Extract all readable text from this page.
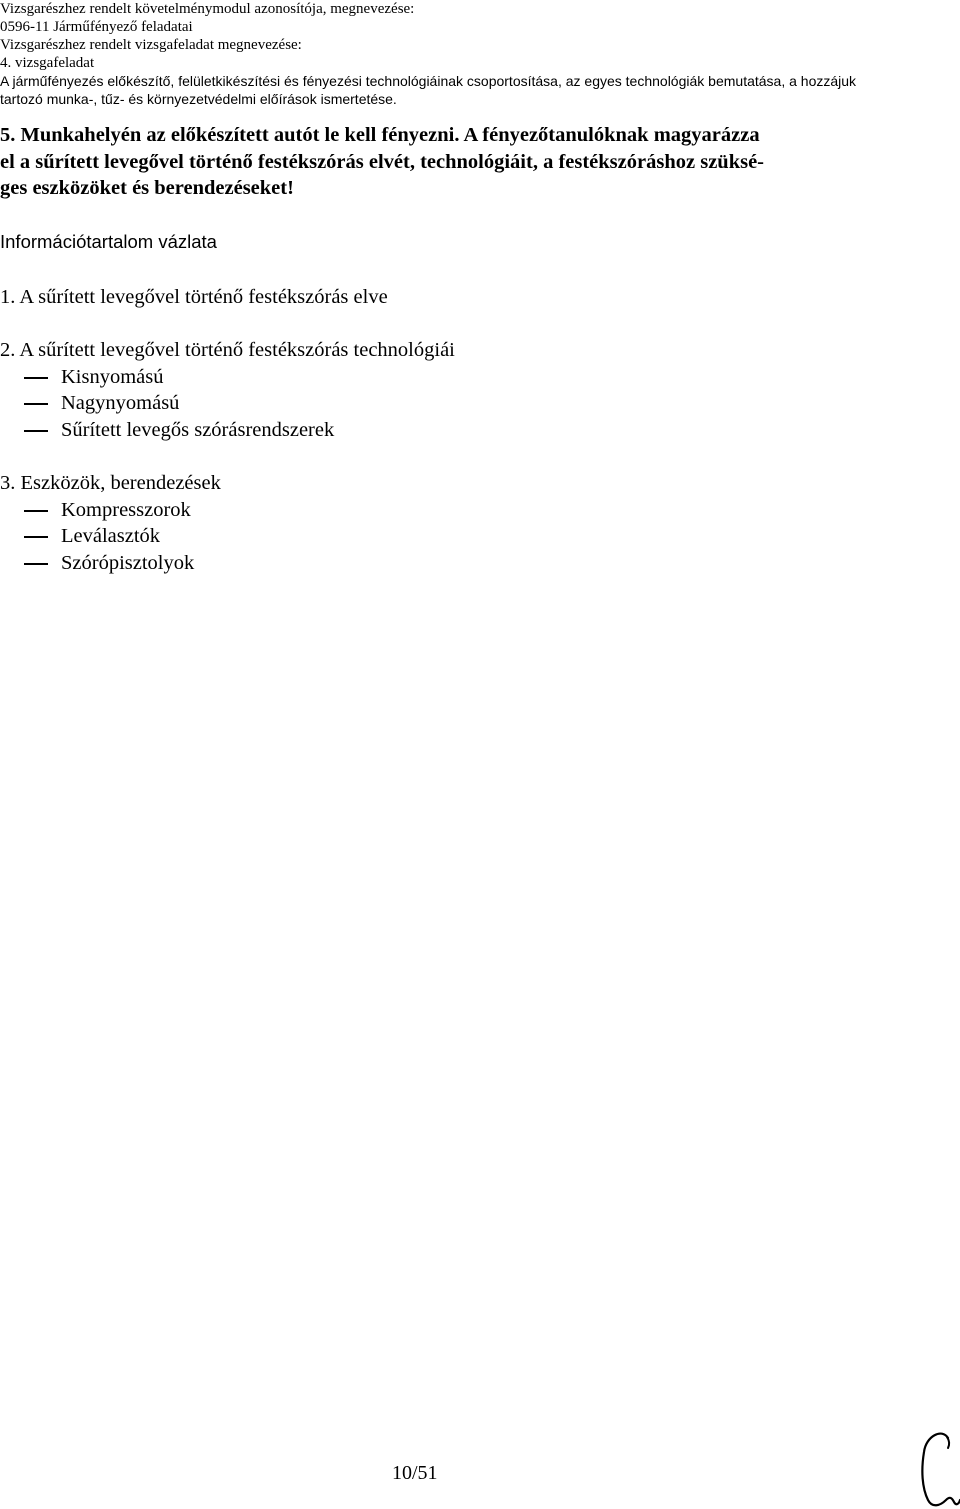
Vizsgarészhez rendelt követelménymodul azonosítója, megnevezése:
0596-11 Járműfényező feladatai
Vizsgarészhez rendelt vizsgafeladat megnevezése:
4. vizsgafeladat
A járműfényezés előkészítő, felületkikészítési és fényezési technológiáinak csoportosítása, az egyes technológiák bemutatása, a hozzájuk
tartozó munka-, tűz- és környezetvédelmi előírások ismertetése.
5. Munkahelyén az előkészített autót le kell fényezni. A fényezőtanulóknak magyarázza
el a sűrített levegővel történő festékszórás elvét, technológiáit, a festékszóráshoz szüksé-
ges eszközöket és berendezéseket!
Információtartalom vázlata
1. A sűrített levegővel történő festékszórás elve
2. A sűrített levegővel történő festékszórás technológiái
Kisnyomású
Nagynyomású
Sűrített levegős szórásrendszerek
3. Eszközök, berendezések
Kompresszorok
Leválasztók
Szórópisztolyok
10/51
